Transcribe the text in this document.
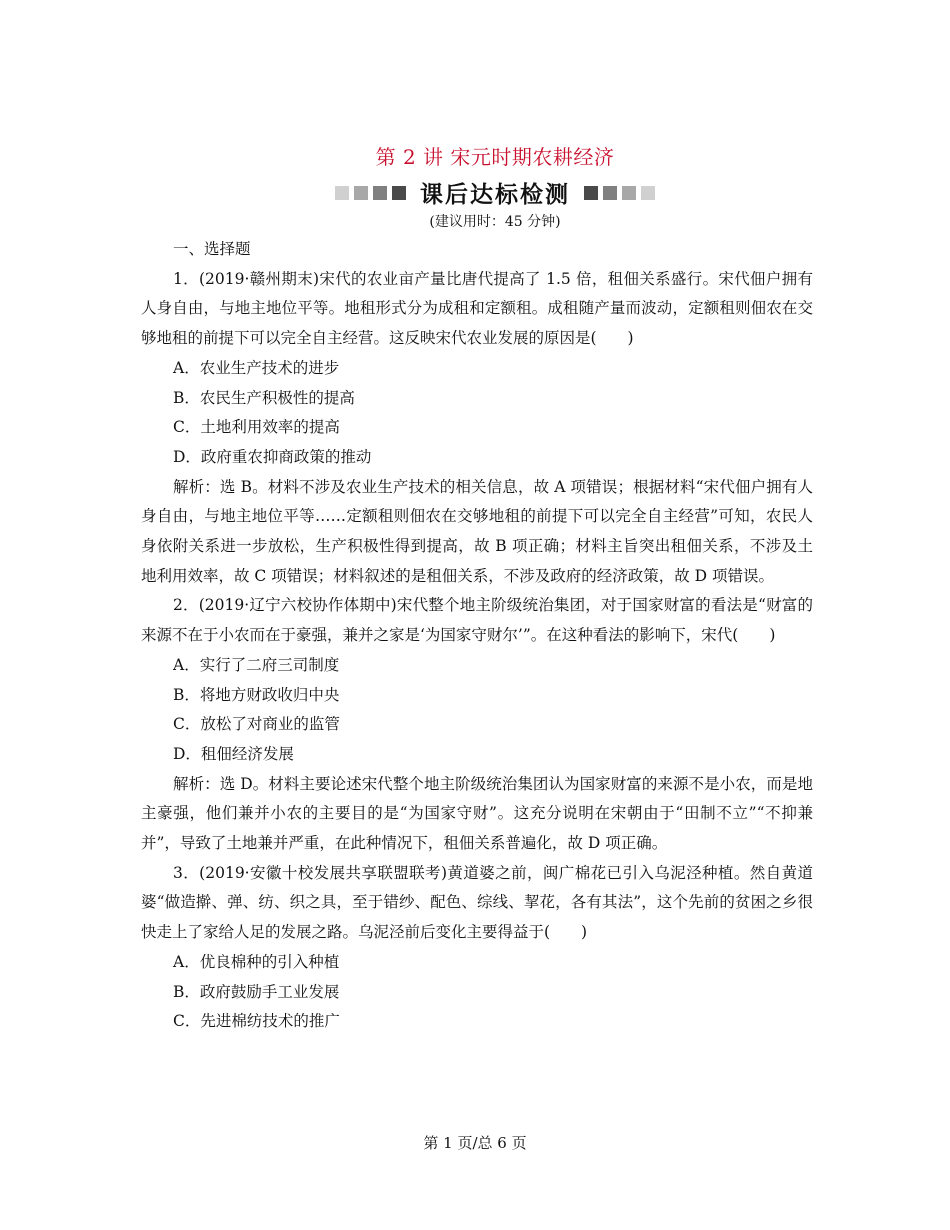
第 2 讲 宋元时期农耕经济
课后达标检测
(建议用时：45 分钟)

一、选择题

1．(2019·赣州期末)宋代的农业亩产量比唐代提高了 1.5 倍，租佃关系盛行。宋代佃户拥有人身自由，与地主地位平等。地租形式分为成租和定额租。成租随产量而波动，定额租则佃农在交够地租的前提下可以完全自主经营。这反映宋代农业发展的原因是(　　)

A．农业生产技术的进步

B．农民生产积极性的提高

C．土地利用效率的提高

D．政府重农抑商政策的推动

解析：选 B。材料不涉及农业生产技术的相关信息，故 A 项错误；根据材料“宋代佃户拥有人身自由，与地主地位平等……定额租则佃农在交够地租的前提下可以完全自主经营”可知，农民人身依附关系进一步放松，生产积极性得到提高，故 B 项正确；材料主旨突出租佃关系，不涉及土地利用效率，故 C 项错误；材料叙述的是租佃关系，不涉及政府的经济政策，故 D 项错误。

2．(2019·辽宁六校协作体期中)宋代整个地主阶级统治集团，对于国家财富的看法是“财富的来源不在于小农而在于豪强，兼并之家是‘为国家守财尔’”。在这种看法的影响下，宋代(　　)

A．实行了二府三司制度

B．将地方财政收归中央

C．放松了对商业的监管

D．租佃经济发展

解析：选 D。材料主要论述宋代整个地主阶级统治集团认为国家财富的来源不是小农，而是地主豪强，他们兼并小农的主要目的是“为国家守财”。这充分说明在宋朝由于“田制不立”“不抑兼并”，导致了土地兼并严重，在此种情况下，租佃关系普遍化，故 D 项正确。

3．(2019·安徽十校发展共享联盟联考)黄道婆之前，闽广棉花已引入乌泥泾种植。然自黄道婆“做造擀、弹、纺、织之具，至于错纱、配色、综线、挈花，各有其法”，这个先前的贫困之乡很快走上了家给人足的发展之路。乌泥泾前后变化主要得益于(　　)

A．优良棉种的引入种植

B．政府鼓励手工业发展

C．先进棉纺技术的推广

第 1 页/总 6 页
